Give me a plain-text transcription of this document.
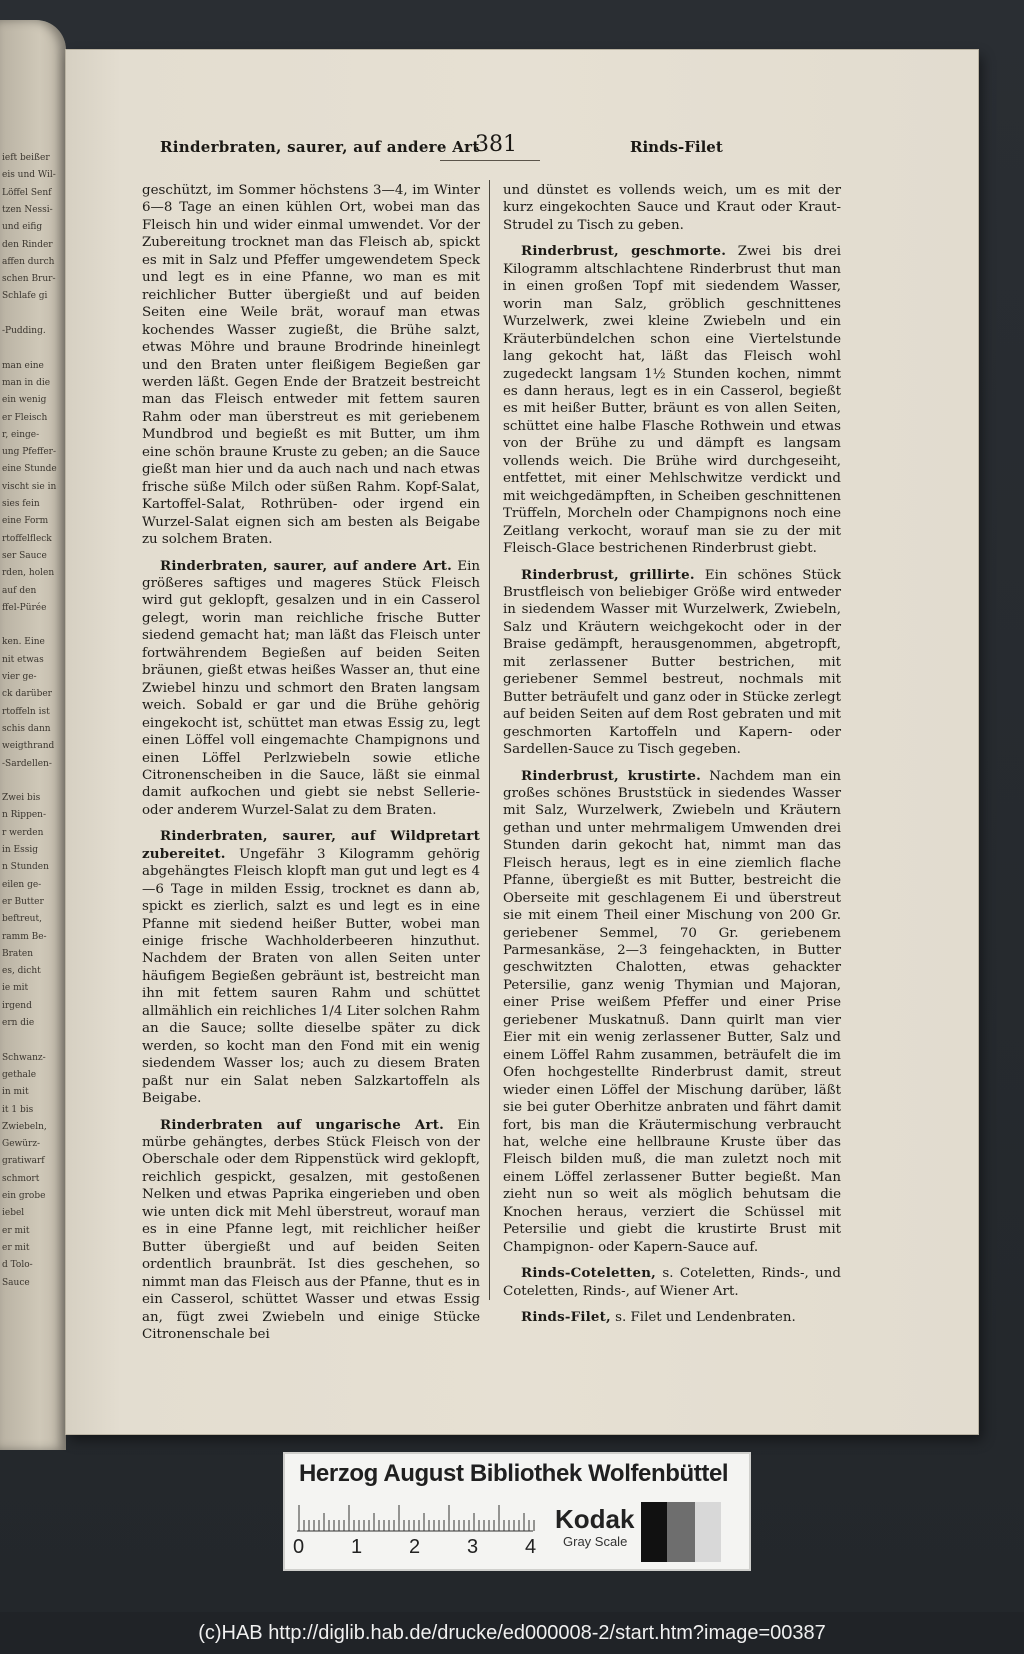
ieft beißer
eis und Wil-
Löffel Senf
tzen Nessi-
und eifig
den Rinder
affen durch
schen Brur-
Schlafe gi
-Pudding.
man eine
man in die
ein wenig
er Fleisch
r, einge-
ung Pfeffer-
eine Stunde
vischt sie in
sies fein
eine Form
rtoffelfleck
ser Sauce
rden, holen
auf den
ffel-Pürée
ken. Eine
nit etwas
vier ge-
ck darüber
rtoffeln ist
schis dann
weigthrand
-Sardellen-
Zwei bis
n Rippen-
r werden
in Essig
n Stunden
eilen ge-
er Butter
beftreut,
ramm Be-
Braten
es, dicht
ie mit
irgend
ern die
Schwanz-
gethale
in mit
it 1 bis
Zwiebeln,
Gewürz-
gratiwarf
schmort
ein grobe
iebel
er mit
er mit
d Tolo-
Sauce
Rinderbraten, saurer, auf andere Art
381	Rinds-Filet

geschützt, im Sommer höchstens 3—4, im Winter 6—8 Tage an einen kühlen Ort, wobei man das Fleisch hin und wider einmal umwendet. Vor der Zubereitung trocknet man das Fleisch ab, spickt es mit in Salz und Pfeffer umgewendetem Speck und legt es in eine Pfanne, wo man es mit reichlicher Butter übergießt und auf beiden Seiten eine Weile brät, worauf man etwas kochendes Wasser zugießt, die Brühe salzt, etwas Möhre und braune Brodrinde hineinlegt und den Braten unter fleißigem Begießen gar werden läßt. Gegen Ende der Bratzeit bestreicht man das Fleisch entweder mit fettem sauren Rahm oder man überstreut es mit geriebenem Mundbrod und begießt es mit Butter, um ihm eine schön braune Kruste zu geben; an die Sauce gießt man hier und da auch nach und nach etwas frische süße Milch oder süßen Rahm. Kopf-Salat, Kartoffel-Salat, Rothrüben- oder irgend ein Wurzel-Salat eignen sich am besten als Beigabe zu solchem Braten.

Rinderbraten, saurer, auf andere Art. Ein größeres saftiges und mageres Stück Fleisch wird gut geklopft, gesalzen und in ein Casserol gelegt, worin man reichliche frische Butter siedend gemacht hat; man läßt das Fleisch unter fortwährendem Begießen auf beiden Seiten bräunen, gießt etwas heißes Wasser an, thut eine Zwiebel hinzu und schmort den Braten langsam weich. Sobald er gar und die Brühe gehörig eingekocht ist, schüttet man etwas Essig zu, legt einen Löffel voll eingemachte Champignons und einen Löffel Perlzwiebeln sowie etliche Citronenscheiben in die Sauce, läßt sie einmal damit aufkochen und giebt sie nebst Sellerie- oder anderem Wurzel-Salat zu dem Braten.

Rinderbraten, saurer, auf Wildpretart zubereitet. Ungefähr 3 Kilogramm gehörig abgehängtes Fleisch klopft man gut und legt es 4—6 Tage in milden Essig, trocknet es dann ab, spickt es zierlich, salzt es und legt es in eine Pfanne mit siedend heißer Butter, wobei man einige frische Wachholderbeeren hinzuthut. Nachdem der Braten von allen Seiten unter häufigem Begießen gebräunt ist, bestreicht man ihn mit fettem sauren Rahm und schüttet allmählich ein reichliches 1/4 Liter solchen Rahm an die Sauce; sollte dieselbe später zu dick werden, so kocht man den Fond mit ein wenig siedendem Wasser los; auch zu diesem Braten paßt nur ein Salat neben Salzkartoffeln als Beigabe.

Rinderbraten auf ungarische Art. Ein mürbe gehängtes, derbes Stück Fleisch von der Oberschale oder dem Rippenstück wird geklopft, reichlich gespickt, gesalzen, mit gestoßenen Nelken und etwas Paprika eingerieben und oben wie unten dick mit Mehl überstreut, worauf man es in eine Pfanne legt, mit reichlicher heißer Butter übergießt und auf beiden Seiten ordentlich braunbrät. Ist dies geschehen, so nimmt man das Fleisch aus der Pfanne, thut es in ein Casserol, schüttet Wasser und etwas Essig an, fügt zwei Zwiebeln und einige Stücke Citronenschale bei

und dünstet es vollends weich, um es mit der kurz eingekochten Sauce und Kraut oder Kraut-Strudel zu Tisch zu geben.

Rinderbrust, geschmorte. Zwei bis drei Kilogramm altschlachtene Rinderbrust thut man in einen großen Topf mit siedendem Wasser, worin man Salz, gröblich geschnittenes Wurzelwerk, zwei kleine Zwiebeln und ein Kräuterbündelchen schon eine Viertelstunde lang gekocht hat, läßt das Fleisch wohl zugedeckt langsam 1½ Stunden kochen, nimmt es dann heraus, legt es in ein Casserol, begießt es mit heißer Butter, bräunt es von allen Seiten, schüttet eine halbe Flasche Rothwein und etwas von der Brühe zu und dämpft es langsam vollends weich. Die Brühe wird durchgeseiht, entfettet, mit einer Mehlschwitze verdickt und mit weichgedämpften, in Scheiben geschnittenen Trüffeln, Morcheln oder Champignons noch eine Zeitlang verkocht, worauf man sie zu der mit Fleisch-Glace bestrichenen Rinderbrust giebt.

Rinderbrust, grillirte. Ein schönes Stück Brustfleisch von beliebiger Größe wird entweder in siedendem Wasser mit Wurzelwerk, Zwiebeln, Salz und Kräutern weichgekocht oder in der Braise gedämpft, herausgenommen, abgetropft, mit zerlassener Butter bestrichen, mit geriebener Semmel bestreut, nochmals mit Butter beträufelt und ganz oder in Stücke zerlegt auf beiden Seiten auf dem Rost gebraten und mit geschmorten Kartoffeln und Kapern- oder Sardellen-Sauce zu Tisch gegeben.

Rinderbrust, krustirte. Nachdem man ein großes schönes Bruststück in siedendes Wasser mit Salz, Wurzelwerk, Zwiebeln und Kräutern gethan und unter mehrmaligem Umwenden drei Stunden darin gekocht hat, nimmt man das Fleisch heraus, legt es in eine ziemlich flache Pfanne, übergießt es mit Butter, bestreicht die Oberseite mit geschlagenem Ei und überstreut sie mit einem Theil einer Mischung von 200 Gr. geriebener Semmel, 70 Gr. geriebenem Parmesankäse, 2—3 feingehackten, in Butter geschwitzten Chalotten, etwas gehackter Petersilie, ganz wenig Thymian und Majoran, einer Prise weißem Pfeffer und einer Prise geriebener Muskatnuß. Dann quirlt man vier Eier mit ein wenig zerlassener Butter, Salz und einem Löffel Rahm zusammen, beträufelt die im Ofen hochgestellte Rinderbrust damit, streut wieder einen Löffel der Mischung darüber, läßt sie bei guter Oberhitze anbraten und fährt damit fort, bis man die Kräutermischung verbraucht hat, welche eine hellbraune Kruste über das Fleisch bilden muß, die man zuletzt noch mit einem Löffel zerlassener Butter begießt. Man zieht nun so weit als möglich behutsam die Knochen heraus, verziert die Schüssel mit Petersilie und giebt die krustirte Brust mit Champignon- oder Kapern-Sauce auf.

Rinds-Coteletten, s. Coteletten, Rinds-, und Coteletten, Rinds-, auf Wiener Art.

Rinds-Filet, s. Filet und Lendenbraten.

Herzog August Bibliothek Wolfenbüttel
0 1 2 3 4
Kodak
Gray Scale
(c)HAB http://diglib.hab.de/drucke/ed000008-2/start.htm?image=00387
